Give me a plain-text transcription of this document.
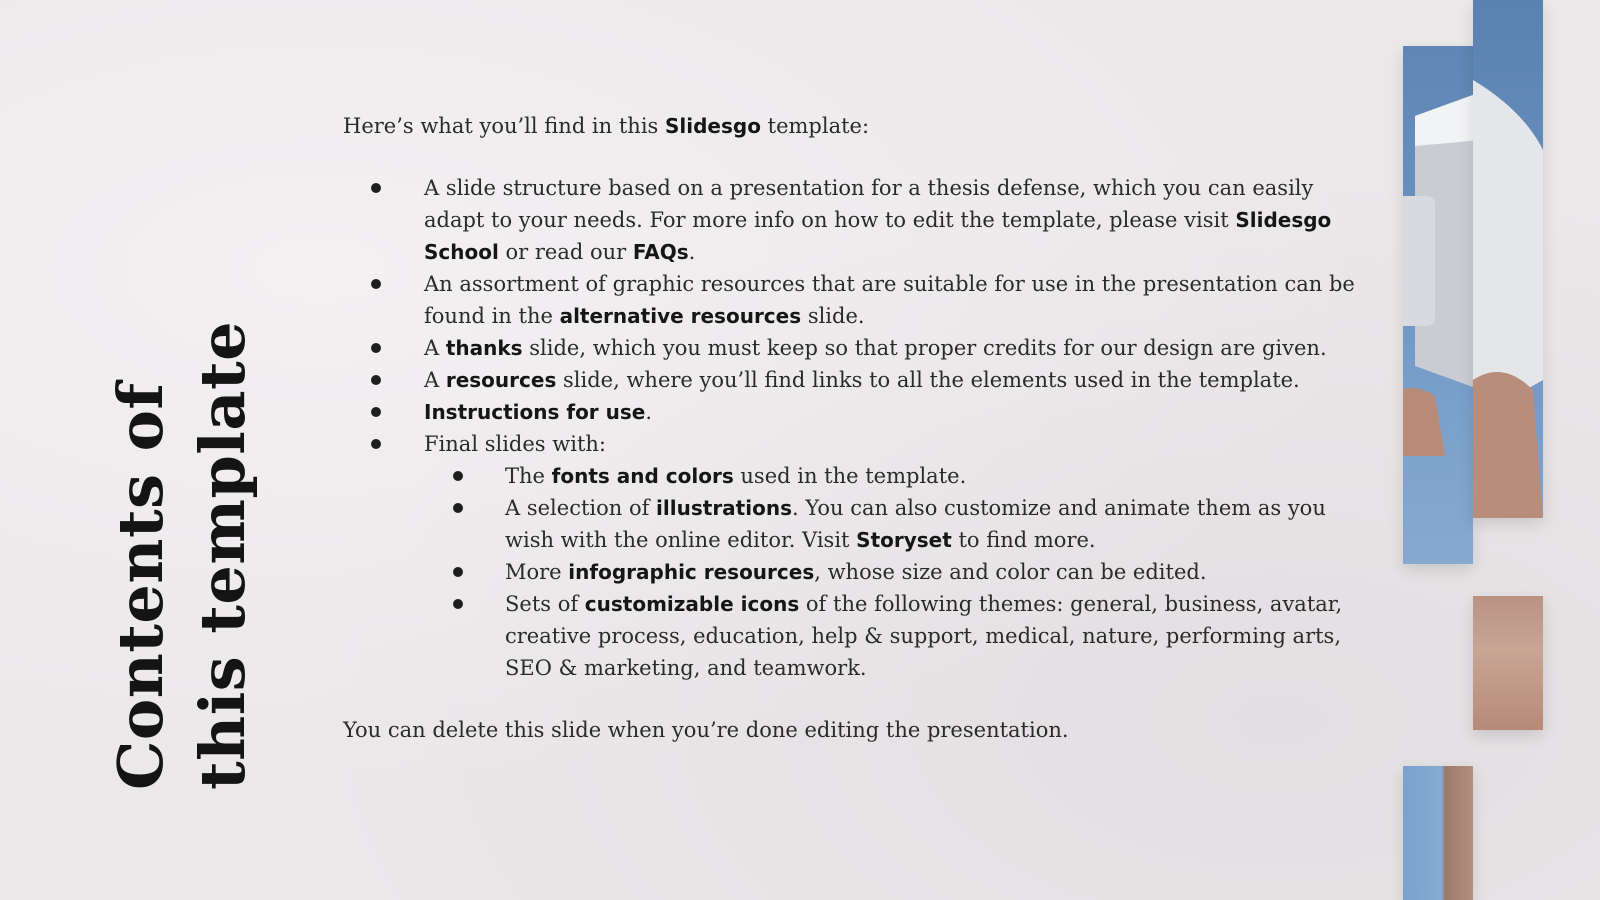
Contents of this template

Here’s what you’ll find in this Slidesgo template:

A slide structure based on a presentation for a thesis defense, which you can easily adapt to your needs. For more info on how to edit the template, please visit Slidesgo School or read our FAQs.
An assortment of graphic resources that are suitable for use in the presentation can be found in the alternative resources slide.
A thanks slide, which you must keep so that proper credits for our design are given.
A resources slide, where you’ll find links to all the elements used in the template.
Instructions for use.
Final slides with:
The fonts and colors used in the template.
A selection of illustrations. You can also customize and animate them as you wish with the online editor. Visit Storyset to find more.
More infographic resources, whose size and color can be edited.
Sets of customizable icons of the following themes: general, business, avatar, creative process, education, help & support, medical, nature, performing arts, SEO & marketing, and teamwork.

You can delete this slide when you’re done editing the presentation.
